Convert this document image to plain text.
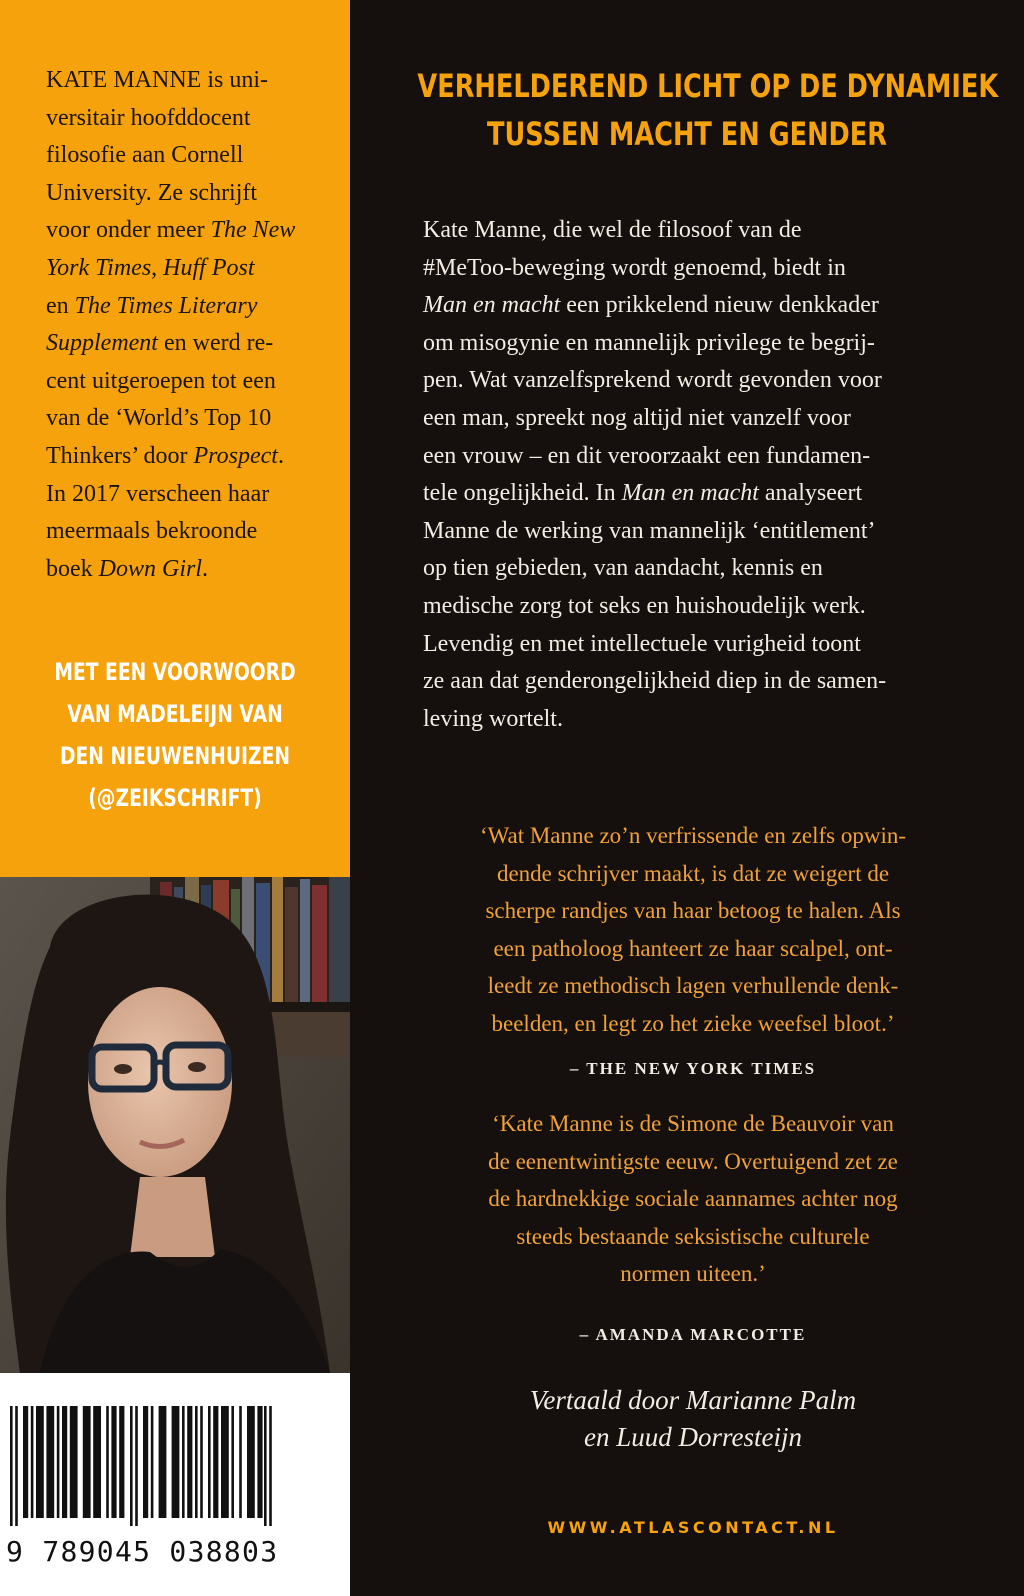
KATE MANNE is uni-
versitair hoofddocent
filosofie aan Cornell
University. Ze schrijft
voor onder meer The New
York Times, Huff Post
en The Times Literary
Supplement en werd re-
cent uitgeroepen tot een
van de ‘World’s Top 10
Thinkers’ door Prospect.
In 2017 verscheen haar
meermaals bekroonde
boek Down Girl.
MET EEN VOORWOORD
VAN MADELEIJN VAN
DEN NIEUWENHUIZEN
(@ZEIKSCHRIFT)
9 789045 038803
VERHELDEREND LICHT OP DE DYNAMIEK
TUSSEN MACHT EN GENDER
Kate Manne, die wel de filosoof van de
#MeToo-beweging wordt genoemd, biedt in
Man en macht een prikkelend nieuw denkkader
om misogynie en mannelijk privilege te begrij-
pen. Wat vanzelfsprekend wordt gevonden voor
een man, spreekt nog altijd niet vanzelf voor
een vrouw – en dit veroorzaakt een fundamen-
tele ongelijkheid. In Man en macht analyseert
Manne de werking van mannelijk ‘entitlement’
op tien gebieden, van aandacht, kennis en
medische zorg tot seks en huishoudelijk werk.
Levendig en met intellectuele vurigheid toont
ze aan dat genderongelijkheid diep in de samen-
leving wortelt.
‘Wat Manne zo’n verfrissende en zelfs opwin-
dende schrijver maakt, is dat ze weigert de
scherpe randjes van haar betoog te halen. Als
een patholoog hanteert ze haar scalpel, ont-
leedt ze methodisch lagen verhullende denk-
beelden, en legt zo het zieke weefsel bloot.’
– THE NEW YORK TIMES
‘Kate Manne is de Simone de Beauvoir van
de eenentwintigste eeuw. Overtuigend zet ze
de hardnekkige sociale aannames achter nog
steeds bestaande seksistische culturele
normen uiteen.’
– AMANDA MARCOTTE
Vertaald door Marianne Palm
en Luud Dorresteijn
WWW.ATLASCONTACT.NL
